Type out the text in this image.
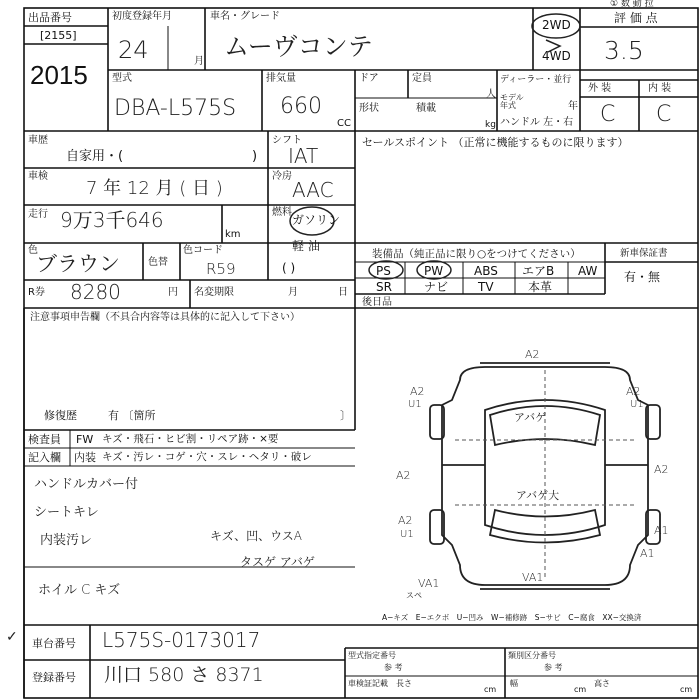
出品番号
[2155]
2015
初度登録年月
24	月
車名・グレード
ムーヴコンテ
2WD
4WD
評 価 点
① 数 動 拉
3.5
型式
DBA-L575S
排気量
660
CC
ドア	定員
人
ディーラー・並行
モデル 年式	年
形状	積載
kg ハンドル 左・右
外 装	内 装
C C
車歴
自家用・(	)
シフト
IAT
車検
7 年 12 月 ( 日 )
冷房
AAC
走行 9万3千646
km
燃料
ガソリン
軽 油
( )
色
ブラウン	色替
色コード
R59
R券 8280	円 名変期限	月	日
セールスポイント （正常に機能するものに限ります）
装備品（純正品に限り○をつけてください）	新車保証書
有・無
PS	PW	ABS エアB AW
SR	ナビ TV	本革
後日品
注意事項申告欄（不具合内容等は具体的に記入して下さい）
修復歴	有 〔箇所	〕
検査員 FW キズ・飛石・ヒビ割・リペア跡・×要
記入欄 内装 キズ・汚レ・コゲ・穴・スレ・ヘタリ・破レ
ハンドルカバー付
シートキレ
内装汚レ	キズ、凹、ウスA
タスゲ アバゲ
ホイル C キズ
A2
A2
U1
A2
U1
A2	A2
A2
U1	A1
A1
VA1	VA1
アバゲ
アバゲ大
スペ
A−キズ　E−エクボ　U−凹み　W−補修跡　S−サビ　C−腐食　XX−交換済
✓ 車台番号 L575S-0173017
登録番号 川口 580 さ 8371
型式指定番号
参 考
類別区分番号
参 考
車検証記載 長さ
cm
幅
cm
高さ
cm
